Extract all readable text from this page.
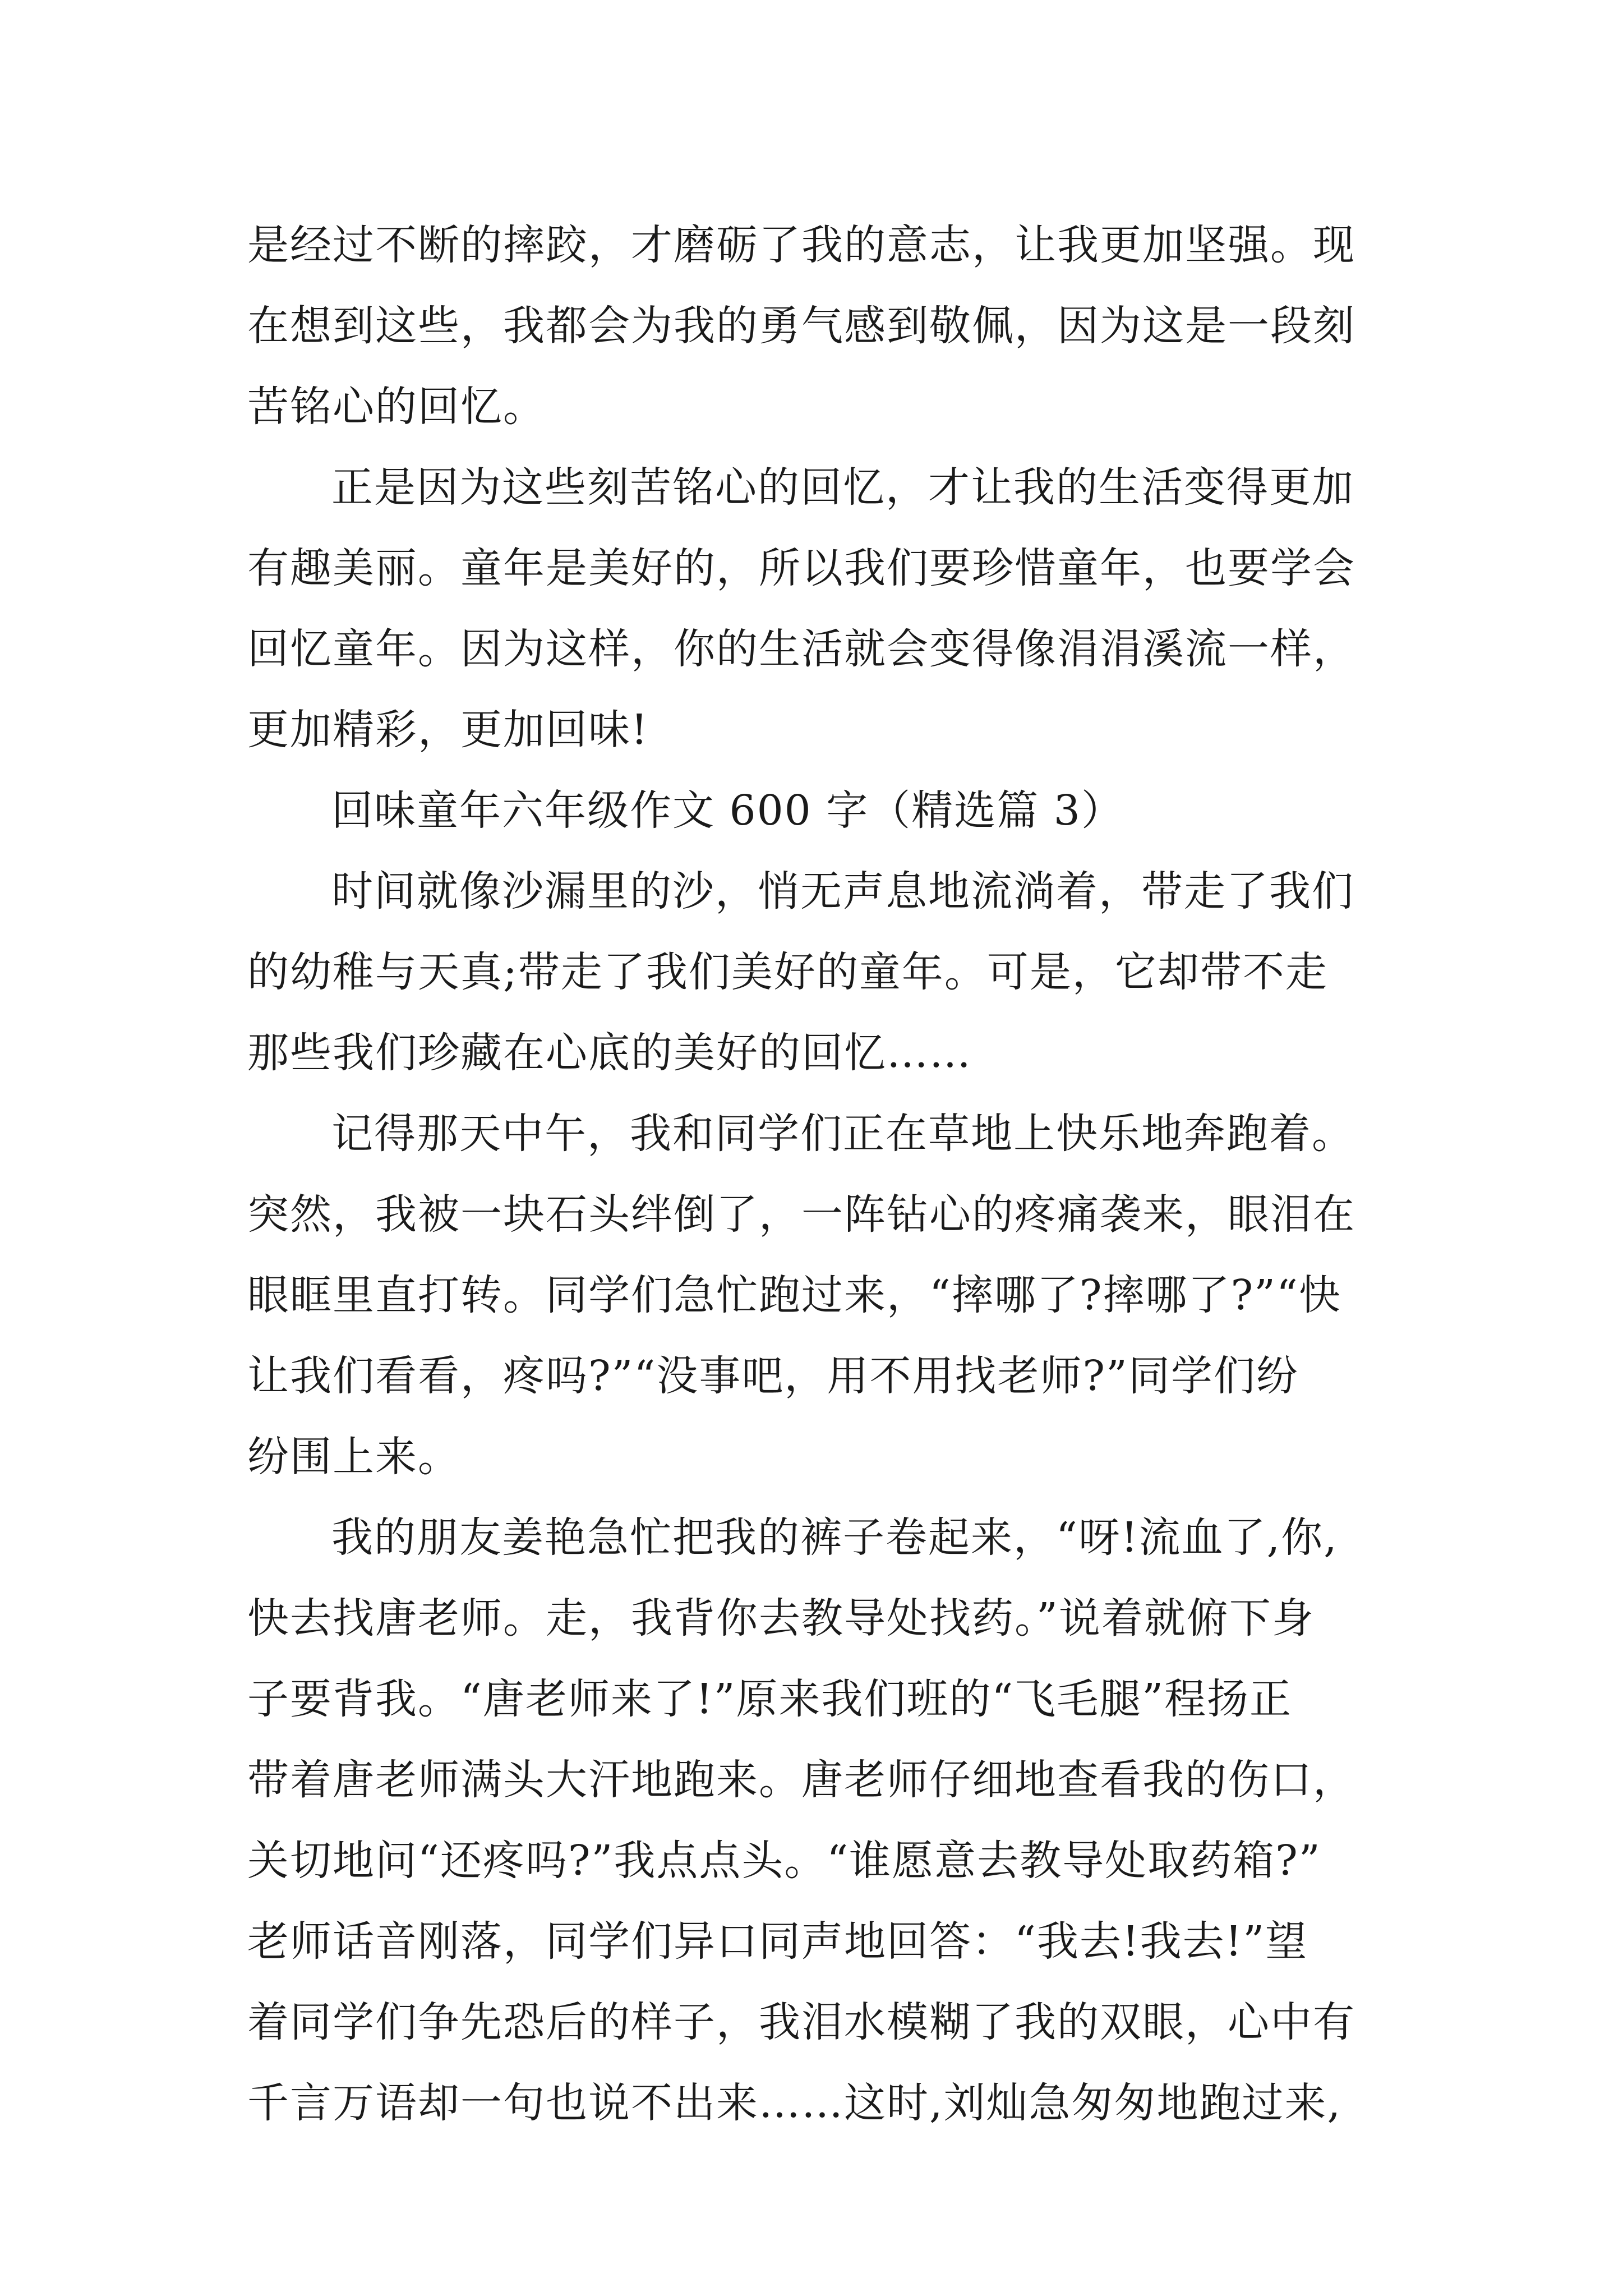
是经过不断的摔跤，才磨砺了我的意志，让我更加坚强。现
在想到这些，我都会为我的勇气感到敬佩，因为这是一段刻
苦铭心的回忆。
正是因为这些刻苦铭心的回忆，才让我的生活变得更加
有趣美丽。童年是美好的，所以我们要珍惜童年，也要学会
回忆童年。因为这样，你的生活就会变得像涓涓溪流一样，
更加精彩，更加回味!
回味童年六年级作文 600 字（精选篇 3）
时间就像沙漏里的沙，悄无声息地流淌着，带走了我们
的幼稚与天真;带走了我们美好的童年。可是，它却带不走
那些我们珍藏在心底的美好的回忆……
记得那天中午，我和同学们正在草地上快乐地奔跑着。
突然，我被一块石头绊倒了，一阵钻心的疼痛袭来，眼泪在
眼眶里直打转。同学们急忙跑过来，“摔哪了?摔哪了?”“快
让我们看看，疼吗?”“没事吧，用不用找老师?”同学们纷
纷围上来。
我的朋友姜艳急忙把我的裤子卷起来，“呀!流血了,你,
快去找唐老师。走，我背你去教导处找药。”说着就俯下身
子要背我。“唐老师来了!”原来我们班的“飞毛腿”程扬正
带着唐老师满头大汗地跑来。唐老师仔细地查看我的伤口，
关切地问“还疼吗?”我点点头。“谁愿意去教导处取药箱?”
老师话音刚落，同学们异口同声地回答：“我去!我去!”望
着同学们争先恐后的样子，我泪水模糊了我的双眼，心中有
千言万语却一句也说不出来……这时,刘灿急匆匆地跑过来,
